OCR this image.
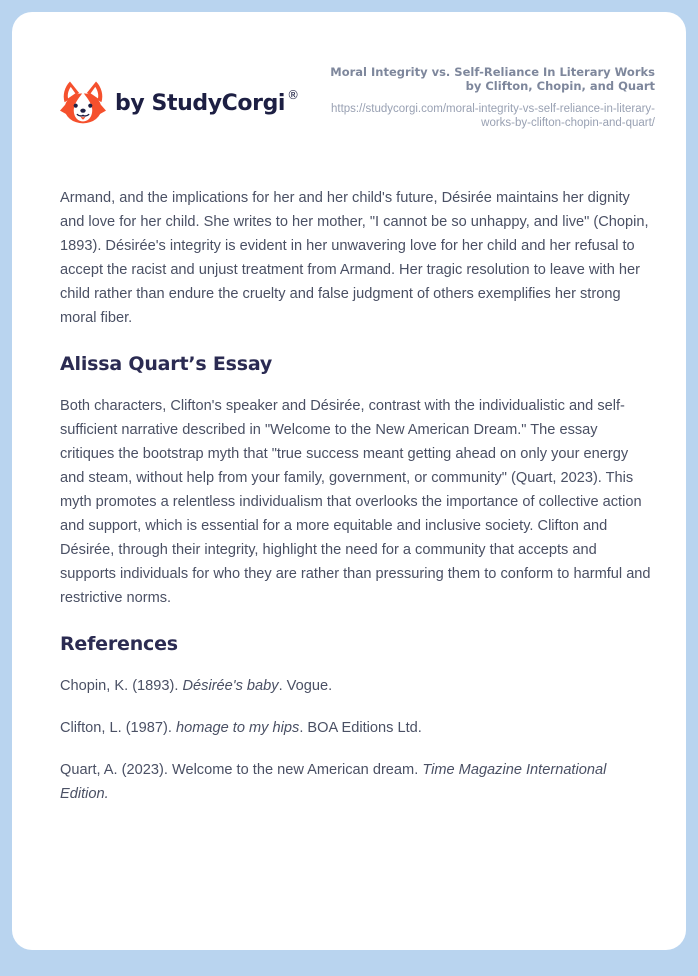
by StudyCorgi ®
Moral Integrity vs. Self-Reliance In Literary Works by Clifton, Chopin, and Quart
https://studycorgi.com/moral-integrity-vs-self-reliance-in-literary-works-by-clifton-chopin-and-quart/

Armand, and the implications for her and her child's future, Désirée maintains her dignity and love for her child. She writes to her mother, "I cannot be so unhappy, and live" (Chopin, 1893). Désirée's integrity is evident in her unwavering love for her child and her refusal to accept the racist and unjust treatment from Armand. Her tragic resolution to leave with her child rather than endure the cruelty and false judgment of others exemplifies her strong moral fiber.

Alissa Quart’s Essay

Both characters, Clifton's speaker and Désirée, contrast with the individualistic and self-sufficient narrative described in "Welcome to the New American Dream." The essay critiques the bootstrap myth that "true success meant getting ahead on only your energy and steam, without help from your family, government, or community" (Quart, 2023). This myth promotes a relentless individualism that overlooks the importance of collective action and support, which is essential for a more equitable and inclusive society. Clifton and Désirée, through their integrity, highlight the need for a community that accepts and supports individuals for who they are rather than pressuring them to conform to harmful and restrictive norms.

References

Chopin, K. (1893). Désirée's baby. Vogue.

Clifton, L. (1987). homage to my hips. BOA Editions Ltd.

Quart, A. (2023). Welcome to the new American dream. Time Magazine International Edition.
